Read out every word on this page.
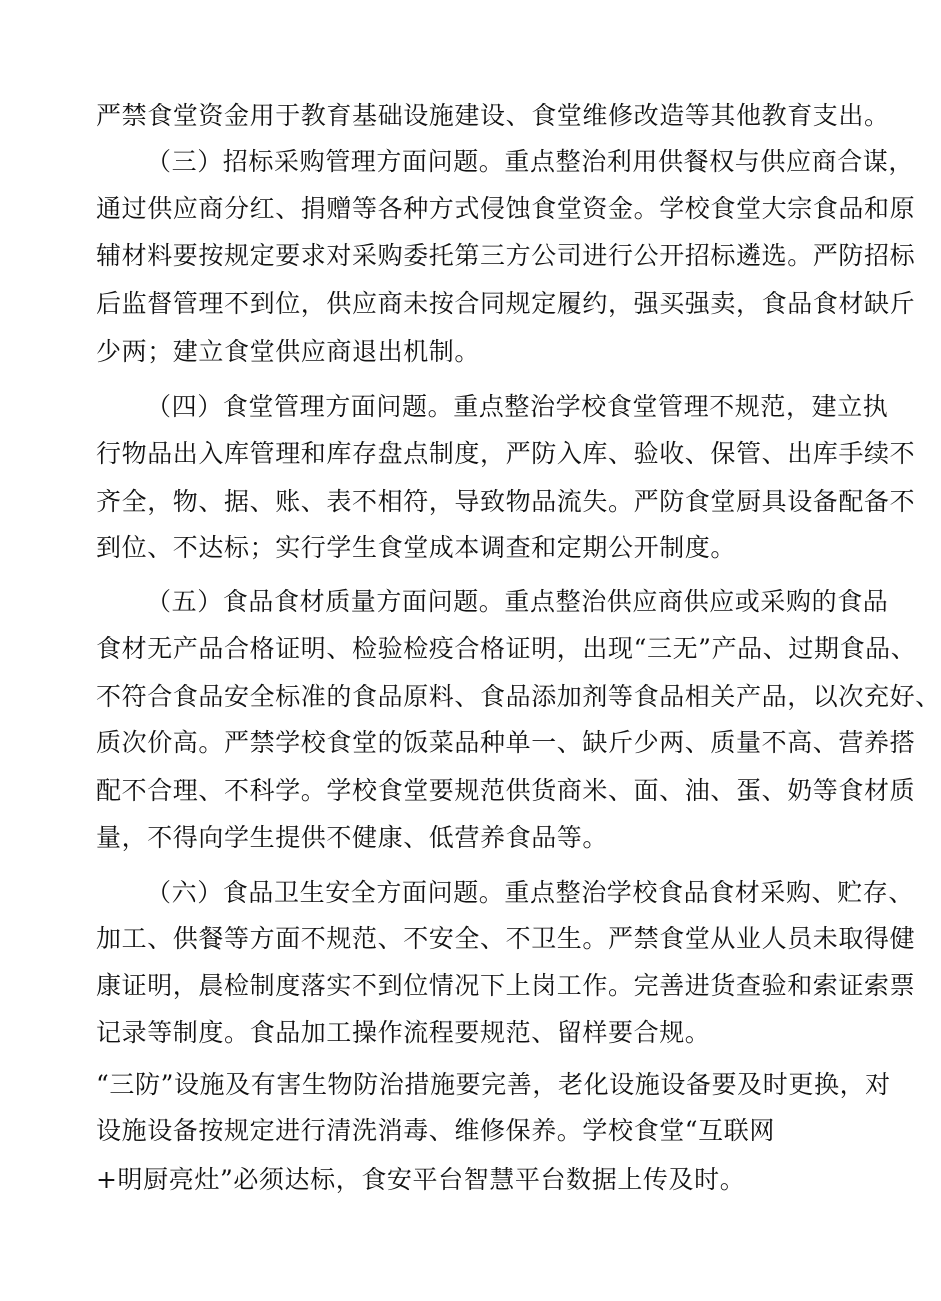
严禁食堂资金用于教育基础设施建设、食堂维修改造等其他教育支出。
（三）招标采购管理方面问题。重点整治利用供餐权与供应商合谋，
通过供应商分红、捐赠等各种方式侵蚀食堂资金。学校食堂大宗食品和原
辅材料要按规定要求对采购委托第三方公司进行公开招标遴选。严防招标
后监督管理不到位，供应商未按合同规定履约，强买强卖，食品食材缺斤
少两；建立食堂供应商退出机制。
（四）食堂管理方面问题。重点整治学校食堂管理不规范，建立执
行物品出入库管理和库存盘点制度，严防入库、验收、保管、出库手续不
齐全，物、据、账、表不相符，导致物品流失。严防食堂厨具设备配备不
到位、不达标；实行学生食堂成本调查和定期公开制度。
（五）食品食材质量方面问题。重点整治供应商供应或采购的食品
食材无产品合格证明、检验检疫合格证明，出现“三无”产品、过期食品、
不符合食品安全标准的食品原料、食品添加剂等食品相关产品，以次充好、
质次价高。严禁学校食堂的饭菜品种单一、缺斤少两、质量不高、营养搭
配不合理、不科学。学校食堂要规范供货商米、面、油、蛋、奶等食材质
量，不得向学生提供不健康、低营养食品等。
（六）食品卫生安全方面问题。重点整治学校食品食材采购、贮存、
加工、供餐等方面不规范、不安全、不卫生。严禁食堂从业人员未取得健
康证明，晨检制度落实不到位情况下上岗工作。完善进货查验和索证索票
记录等制度。食品加工操作流程要规范、留样要合规。
“三防”设施及有害生物防治措施要完善，老化设施设备要及时更换，对
设施设备按规定进行清洗消毒、维修保养。学校食堂“互联网
+明厨亮灶”必须达标，食安平台智慧平台数据上传及时。
